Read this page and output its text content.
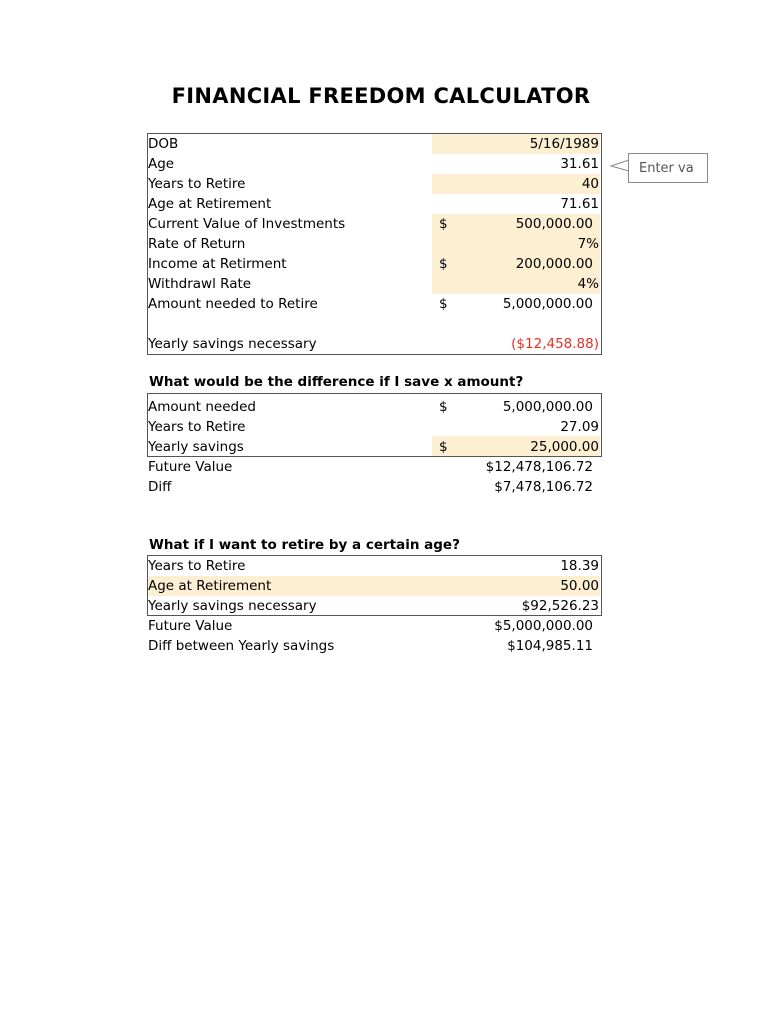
FINANCIAL FREEDOM CALCULATOR
DOB	5/16/1989
Age	31.61
Years to Retire	40
Age at Retirement	71.61
Current Value of Investments	$	500,000.00
Rate of Return	7%
Income at Retirment	$	200,000.00
Withdrawl Rate	4%
Amount needed to Retire	$	5,000,000.00
Yearly savings necessary	($12,458.88)
Enter va
What would be the difference if I save x amount?
Amount needed	$	5,000,000.00
Years to Retire	27.09
Yearly savings	$	25,000.00
Future Value	$12,478,106.72
Diff	$7,478,106.72
What if I want to retire by a certain age?
Years to Retire	18.39
Age at Retirement	50.00
Yearly savings necessary	$92,526.23
Future Value	$5,000,000.00
Diff between Yearly savings	$104,985.11
